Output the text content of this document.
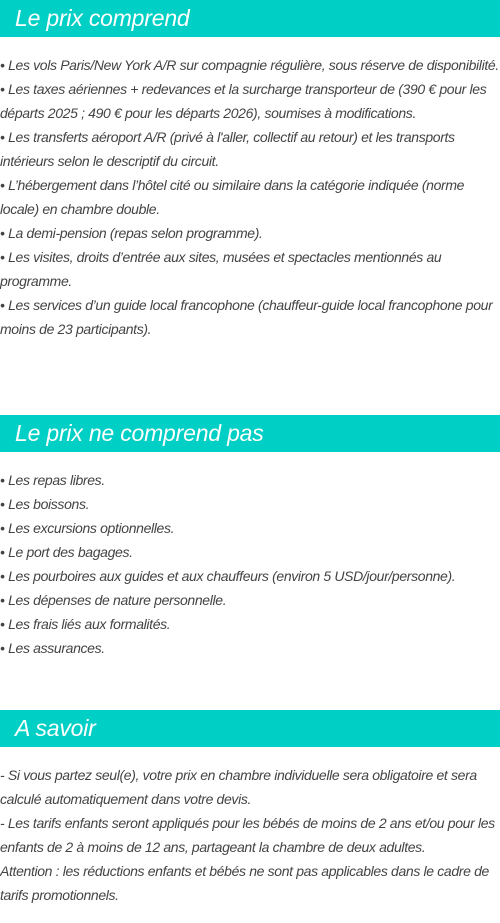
Le prix comprend

• Les vols Paris/New York A/R sur compagnie régulière, sous réserve de disponibilité.

• Les taxes aériennes + redevances et la surcharge transporteur de (390 € pour les départs 2025 ; 490 € pour les départs 2026), soumises à modifications.

• Les transferts aéroport A/R (privé à l'aller, collectif au retour) et les transports intérieurs selon le descriptif du circuit.

• L’hébergement dans l’hôtel cité ou similaire dans la catégorie indiquée (norme locale) en chambre double.

• La demi-pension (repas selon programme).

• Les visites, droits d’entrée aux sites, musées et spectacles mentionnés au programme.

• Les services d’un guide local francophone (chauffeur-guide local francophone pour moins de 23 participants).

Le prix ne comprend pas

• Les repas libres.

• Les boissons.

• Les excursions optionnelles.

• Le port des bagages.

• Les pourboires aux guides et aux chauffeurs (environ 5 USD/jour/personne).

• Les dépenses de nature personnelle.

• Les frais liés aux formalités.

• Les assurances.

A savoir

- Si vous partez seul(e), votre prix en chambre individuelle sera obligatoire et sera calculé automatiquement dans votre devis.

- Les tarifs enfants seront appliqués pour les bébés de moins de 2 ans et/ou pour les enfants de 2 à moins de 12 ans, partageant la chambre de deux adultes.

Attention : les réductions enfants et bébés ne sont pas applicables dans le cadre de tarifs promotionnels.
